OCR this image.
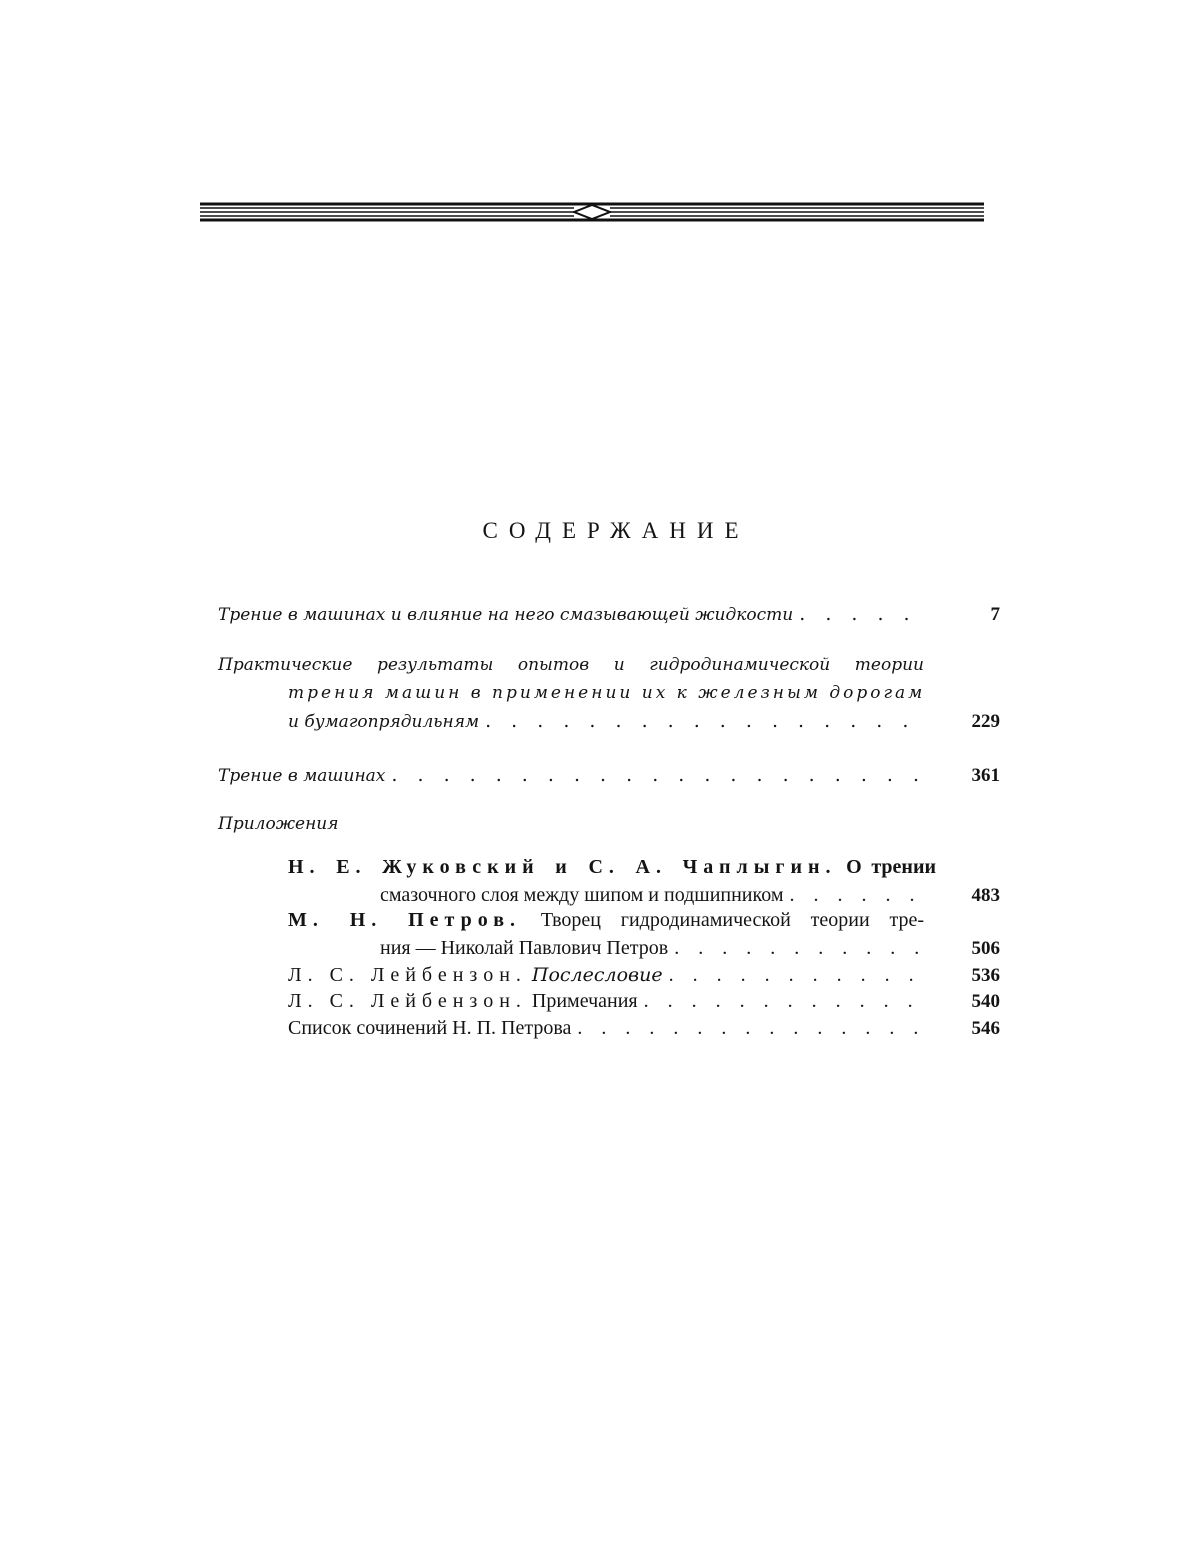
СОДЕРЖАНИЕ
Трение в машинах и влияние на него смазывающей жидкости . . .	7
Практические результаты опытов и гидродинамической теории
трения машин в применении их к железным дорогам
и бумагопрядильням . . .	229
Трение в машинах . . .	361
Приложения
Н. Е. Жуковский и С. А. Чаплыгин. О трении
смазочного слоя между шипом и подшипником . . .	483
М. Н. Петров. Творец гидродинамической теории тре-
ния — Николай Павлович Петров . . .	506
Л. С. Лейбензон. Послесловие . . .	536
Л. С. Лейбензон. Примечания . . .	540
Список сочинений Н. П. Петрова . . .	546
